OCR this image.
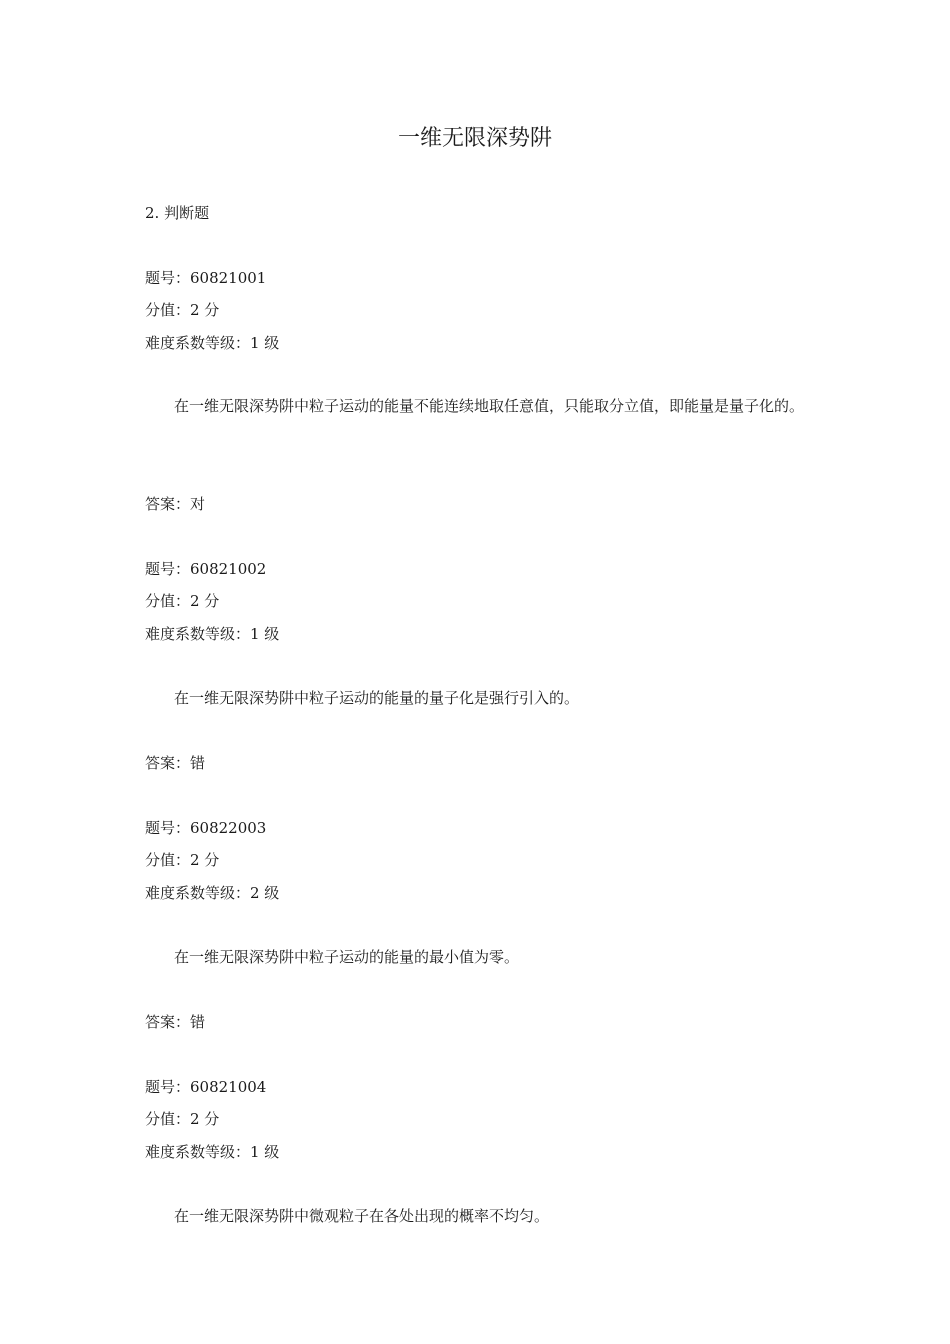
一维无限深势阱
2. 判断题
题号：60821001
分值：2 分
难度系数等级：1 级
在一维无限深势阱中粒子运动的能量不能连续地取任意值，只能取分立值，即能量是量子化的。
答案：对
题号：60821002
分值：2 分
难度系数等级：1 级
在一维无限深势阱中粒子运动的能量的量子化是强行引入的。
答案：错
题号：60822003
分值：2 分
难度系数等级：2 级
在一维无限深势阱中粒子运动的能量的最小值为零。
答案：错
题号：60821004
分值：2 分
难度系数等级：1 级
在一维无限深势阱中微观粒子在各处出现的概率不均匀。
